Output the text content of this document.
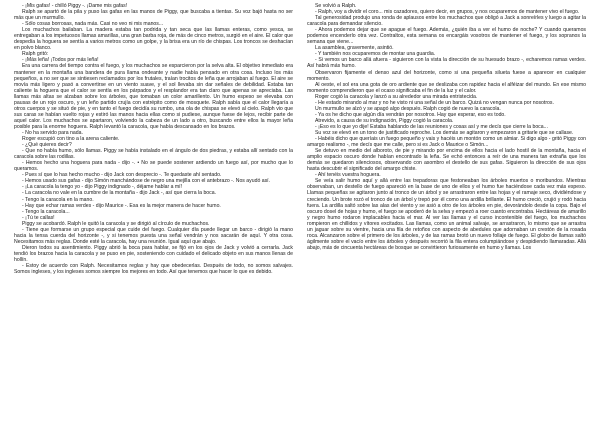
- ¡Mis gafas! - chilló Piggy -. ¡Dame mis gafas!

Ralph se apartó de la pila y puso las gafas en las manos de Piggy, que buscaba a tientas. Su voz bajó hasta no ser más que un murmullo.

- Sólo cosas borrosas, nada más. Casi no veo ni mis manos...

Los muchachos bailaban. La madera estaba tan podrida y tan seca que las llamas enteras, como yesca, se entregaban a los impetuosos llamas amarillas, una gran barba roja, de más de cinco metros, surgió en el aire. El calor que despedía la hoguera se sentía a varios metros como un golpe, y la brisa era un río de chispas. Los troncos se deshacían en polvo blanco.

Ralph gritó:

- ¡Más leña! ¡Todos por más leña!

Era una carrera del tiempo contra el fuego, y los muchachos se esparcieron por la selva alta. El objetivo inmediato era mantener en la montaña una bandera de pura llama ondeante y nadie había pensado en otra cosa. Incluso los más pequeños, a no ser que se sintiesen reclamados por los frutales, traían trocitos de leña que arrojaban al fuego. El aire se movía más ligero y pasó a convertirse en un viento suave, y el sol llevaba sin dar señales de debilidad. Estaba tan caliente la hoguera que el calor se sentía en los párpados y el resplandor era tan claro que apenas se apreciaba. Las llamas más altas se alzaban sobre los árboles, que tomaban un color amarillento. Un humo espeso se elevaba con pausas de un rojo oscuro, y un leño partido crujía con estrépito como de mosquete. Ralph sabía que el calor llegaría a otros cuerpos y se situó de pie, y en tanto el fuego decidía su rumbo, una ola de chispas se elevó al cielo. Ralph vio que sus caras se habían vuelto rojas y estiró las manos hacia ellas como si pudiese, aunque fuese de lejos, recibir parte de aquel calor. Los muchachos se apartaron, volviendo la cabeza de un lado a otro, buscando entre ellos la mayor leña posible para la enorme hoguera. Ralph levantó la caracola, que había descansado en los brazos.

- No ha servido para nada.

Roger escupió con tino a la arena caliente.

- ¿Qué quieres decir?

- Que no había humo, sólo llamas. Piggy se había instalado en el ángulo de dos piedras, y estaba allí sentado con la caracola sobre las rodillas.

- Hemos hecho una hoguera para nada - dijo -. • No se puede sostener ardiendo un fuego así, por mucho que lo queramos.

- Pues sí que lo has hecho mucho - dijo Jack con desprecio -. Te quedaste ahí sentado.

- Hemos usado sus gafas - dijo Simón manchándose de negro una mejilla con el antebrazo -. Nos ayudó así.

- ¡La caracola la tengo yo - dijo Piggy indignado -, déjame hablar a mí!

- La caracola no vale en la cumbre de la montaña - dijo Jack -, así que cierra la boca.

- Tengo la caracola en la mano.

- Hay que echar ramas verdes - dijo Maurice -. Esa es la mejor manera de hacer humo.

- Tengo la caracola...

- ¡Tú te callas!

Piggy se acobardó. Ralph le quitó la caracola y se dirigió al círculo de muchachos.

- Tiene que formarse un grupo especial que cuide del fuego. Cualquier día puede llegar un barco - dirigió la mano hacia la tensa cuerda del horizonte -, y si tenemos puesta una señal vendrán y nos sacarán de aquí. Y otra cosa. Necesitamos más reglas. Donde esté la caracola, hay una reunión. Igual aquí que abajo.

Dieron todos su asentimiento. Piggy abrió la boca para hablar, se fijó en los ojos de Jack y volvió a cerrarla. Jack tendió los brazos hacia la caracola y se puso en pie, sosteniendo con cuidado el delicado objeto en sus manos llenas de hollín.

- Estoy de acuerdo con Ralph. Necesitamos reglas y hay que obedecerlas. Después de todo, no somos salvajes. Somos ingleses, y los ingleses somos siempre los mejores en todo. Así que tenemos que hacer lo que es debido.

Se volvió a Ralph.

- Ralph, voy a dividir el coro... mis cazadores, quiero decir, en grupos, y nos ocuparemos de mantener vivo el fuego.

Tal generosidad produjo una ronda de aplausos entre los muchachos que obligó a Jack a sonreírles y luego a agitar la caracola para demandar silencio.

- Ahora podemos dejar que se apague el fuego. Además, ¿quién iba a ver el humo de noche? Y cuando queramos podemos encenderlo otra vez. Contraltos, esta semana os encargáis vosotros de mantener el fuego, y los sopranos la semana que viene...

La asamblea, gravemente, asintió.

- Y también nos ocuparemos de montar una guardia.

- Si vemos un barco allá afuera - siguieron con la vista la dirección de su huesudo brazo -, echaremos ramas verdes. Así habrá más humo.

Observaron fijamente el denso azul del horizonte, como si una pequeña silueta fuese a aparecer en cualquier momento.

Al oeste, el sol era una gota de oro ardiente que se deslizaba con rapidez hacia el alféizar del mundo. En ese mismo momento comprendieron que el ocaso significaba el fin de la luz y el calor.

Roger cogió la caracola y lanzó a su alrededor una mirada entristecida.

- He estado mirando al mar y no he visto ni una señal de un barco. Quizá no vengan nunca por nosotros.

Un murmullo se alzó y se apagó algo después. Ralph cogió de nuevo la caracola.

- Ya os he dicho que algún día vendrán por nosotros. Hay que esperar, eso es todo.

Atrevido, a causa de su indignación, Piggy cogió la caracola.

- ¡Eso es lo que yo dije! Estaba hablando de las reuniones y cosas así y me decís que cierre la boca...

Su voz se elevó en un tono de justificado reproche. Los demás se agitaron y empezaron a gritarle que se callase.

- Habéis dicho que queríais un fuego pequeño y vais y hacéis un montón como un almiar. Si digo algo - gritó Piggy con amargo realismo -, me decís que me calle, pero si es Jack o Maurice o Simón...

Se detuvo en medio del alboroto, de pie y mirando por encima de ellos hacia el lado hostil de la montaña, hacia el amplio espacio oscuro donde habían encontrado la leña. Se echó entonces a reír de una manera tan extraña que los demás se quedaron silenciosos, observando con asombro el destello de sus gafas. Siguieron la dirección de sus ojos hasta descubrir el significado del amargo chiste.

- Ahí tenéis vuestra hoguera.

Se veía salir humo aquí y allá entre las trepadoras que festoneaban los árboles muertos o moribundos. Mientras observaban, un destello de fuego apareció en la base de uno de ellos y el humo fue haciéndose cada vez más espeso. Llamas pequeñas se agitaron junto al tronco de un árbol y se arrastraron entre las hojas y el ramaje seco, dividiéndose y creciendo. Un brote rozó el tronco de un árbol y trepó por él como una ardilla brillante. El humo creció, crujió y rodó hacia fuera. La ardilla saltó sobre las alas del viento y se asió a otro de los árboles en pie, devorándolo desde la copa. Bajo el oscuro dosel de hojas y humo, el fuego se apoderó de la selva y empezó a roer cuanto encontraba. Hectáreas de amarillo y negro humo rodaron implacables hacia el mar. Al ver las llamas y el curso incontenible del fuego, los muchachos rompieron en chillidos y vítores excitados. Las llamas, como un animal salvaje, se arrastraron, lo mismo que se arrastra un jaguar sobre su vientre, hacia una fila de retoños con aspecto de abedules que adornaban un crestón de la rosada roca. Alcanzaron sobre el primero de los árboles, y de las ramas brotó un nuevo follaje de fuego. El globo de llamas saltó ágilmente sobre el vacío entre los árboles y después recorrió la fila entera columpiándose y despidiendo llamaradas. Allá abajo, más de cincuenta hectáreas de bosque se convirtieron furiosamente en humo y llamas. Los
